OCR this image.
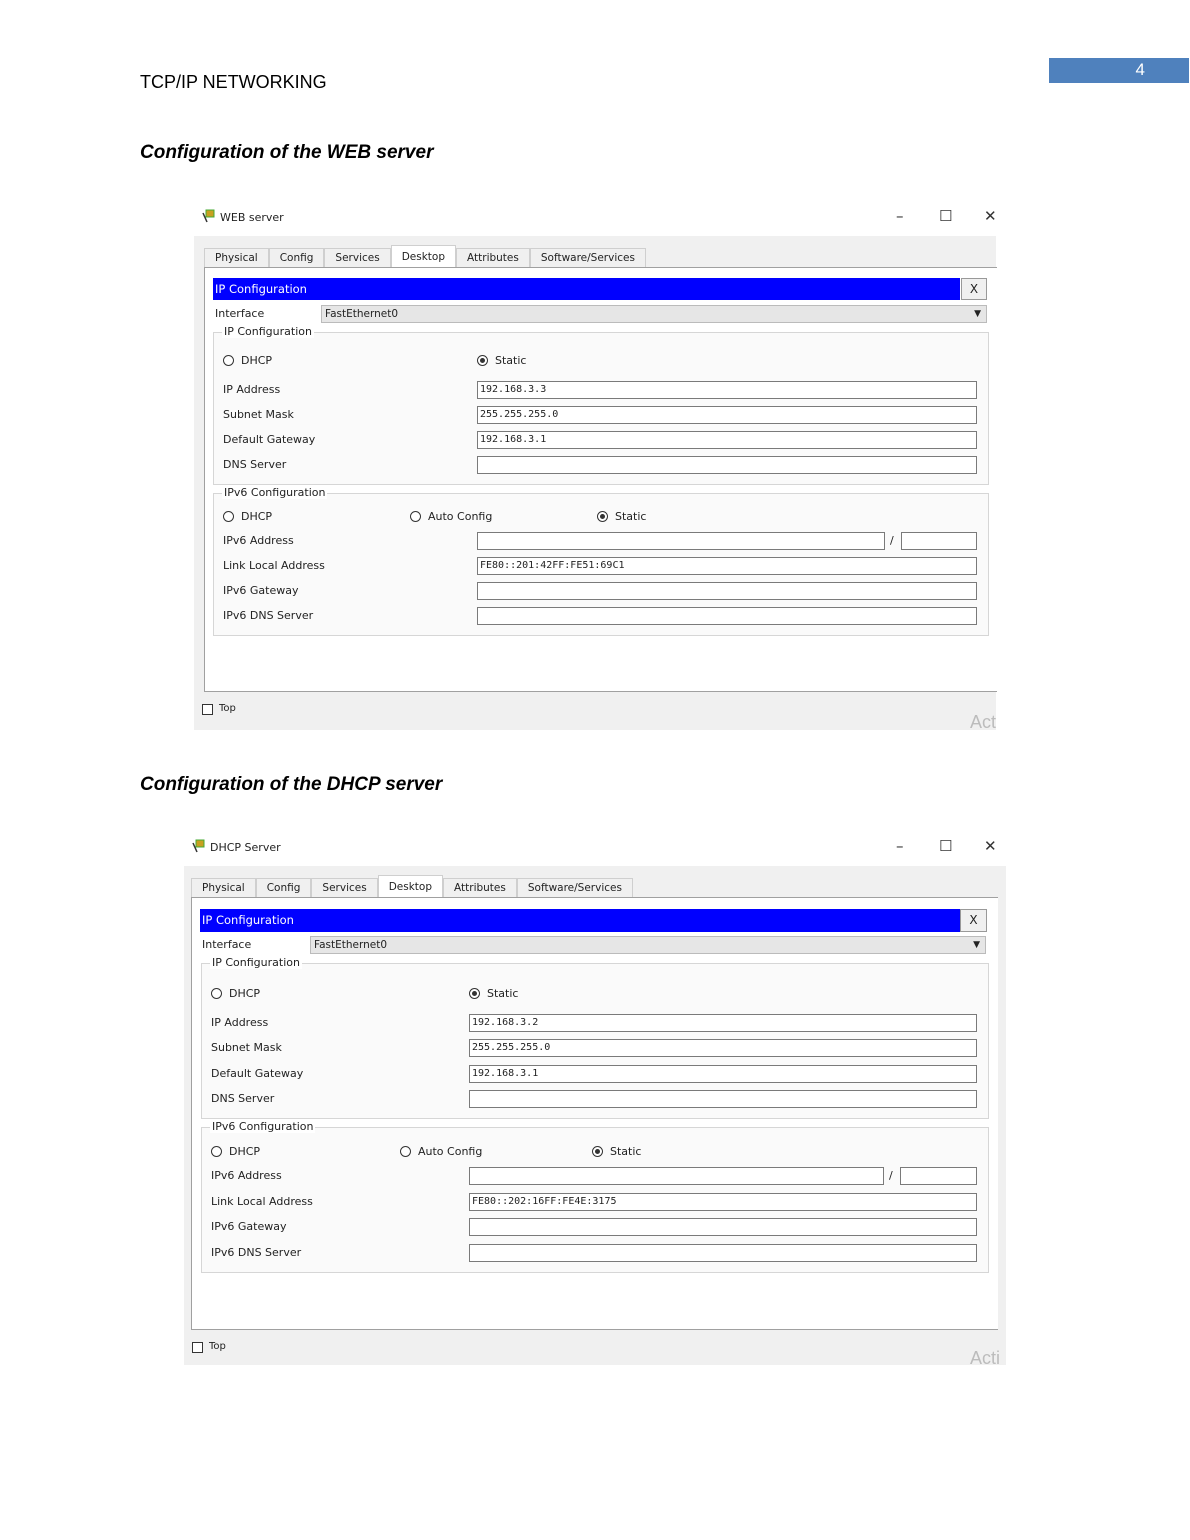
4
TCP/IP NETWORKING
Configuration of the WEB server
Configuration of the DHCP server
WEB server	– ☐ ✕
Physical	Config	Services	Desktop	Attributes	Software/Services
IP Configuration	X
Interface	FastEthernet0	▼
IP Configuration
IPv6 Configuration
DHCP	Static
IP Address	192.168.3.3
Subnet Mask	255.255.255.0
Default Gateway	192.168.3.1
DNS Server
DHCP	Auto Config	Static
IPv6 Address	/
Link Local Address	FE80::201:42FF:FE51:69C1
IPv6 Gateway
IPv6 DNS Server
Top
Act
DHCP Server	– ☐ ✕
Physical	Config	Services	Desktop	Attributes	Software/Services
IP Configuration	X
Interface	FastEthernet0	▼
IP Configuration
IPv6 Configuration
DHCP	Static
IP Address	192.168.3.2
Subnet Mask	255.255.255.0
Default Gateway	192.168.3.1
DNS Server
DHCP	Auto Config	Static
IPv6 Address	/
Link Local Address	FE80::202:16FF:FE4E:3175
IPv6 Gateway
IPv6 DNS Server
Top
Acti
